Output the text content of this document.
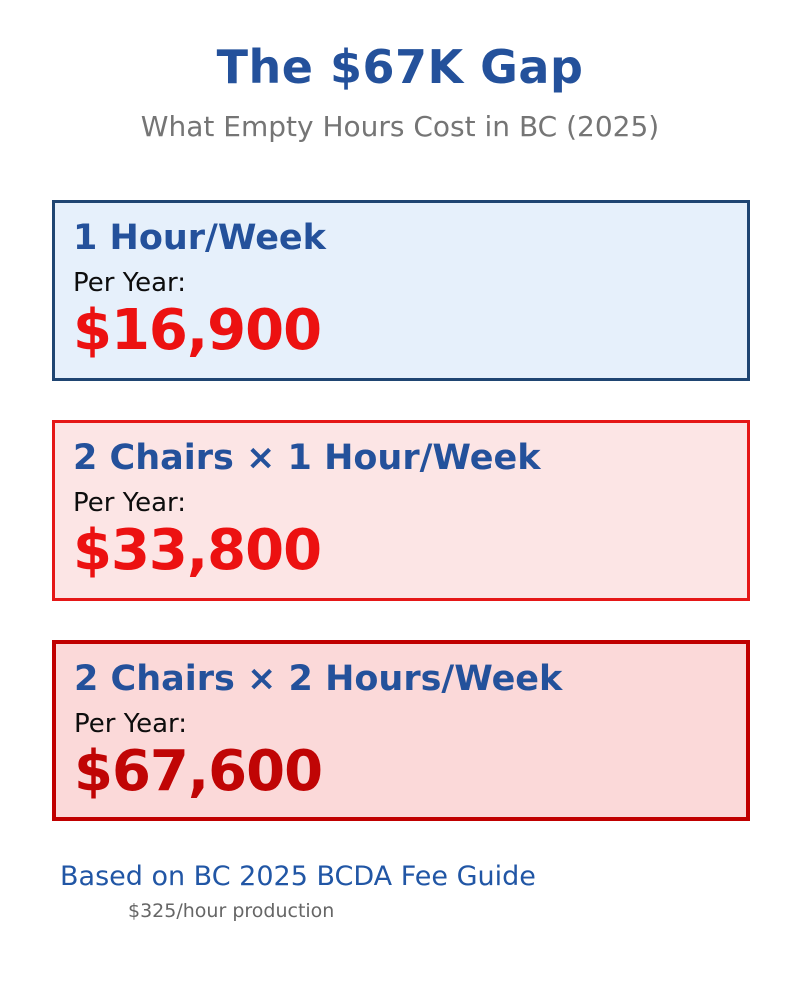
The $67K Gap
What Empty Hours Cost in BC (2025)
1 Hour/Week
Per Year:
$16,900
2 Chairs × 1 Hour/Week
Per Year:
$33,800
2 Chairs × 2 Hours/Week
Per Year:
$67,600
Based on BC 2025 BCDA Fee Guide
$325/hour production
